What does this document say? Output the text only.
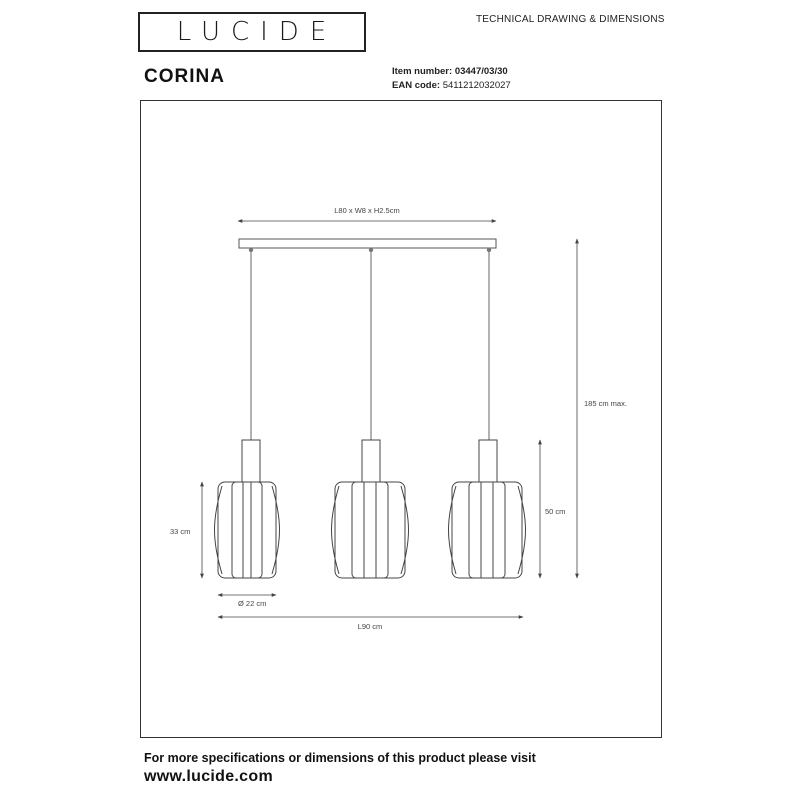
LUCIDE	TECHNICAL DRAWING & DIMENSIONS
CORINA	Item number: 03447/03/30
EAN code: 5411212032027
L80 x W8 x H2.5cm
185 cm max.
50 cm
33 cm
Ø 22 cm
L90 cm
For more specifications or dimensions of this product please visit
www.lucide.com
